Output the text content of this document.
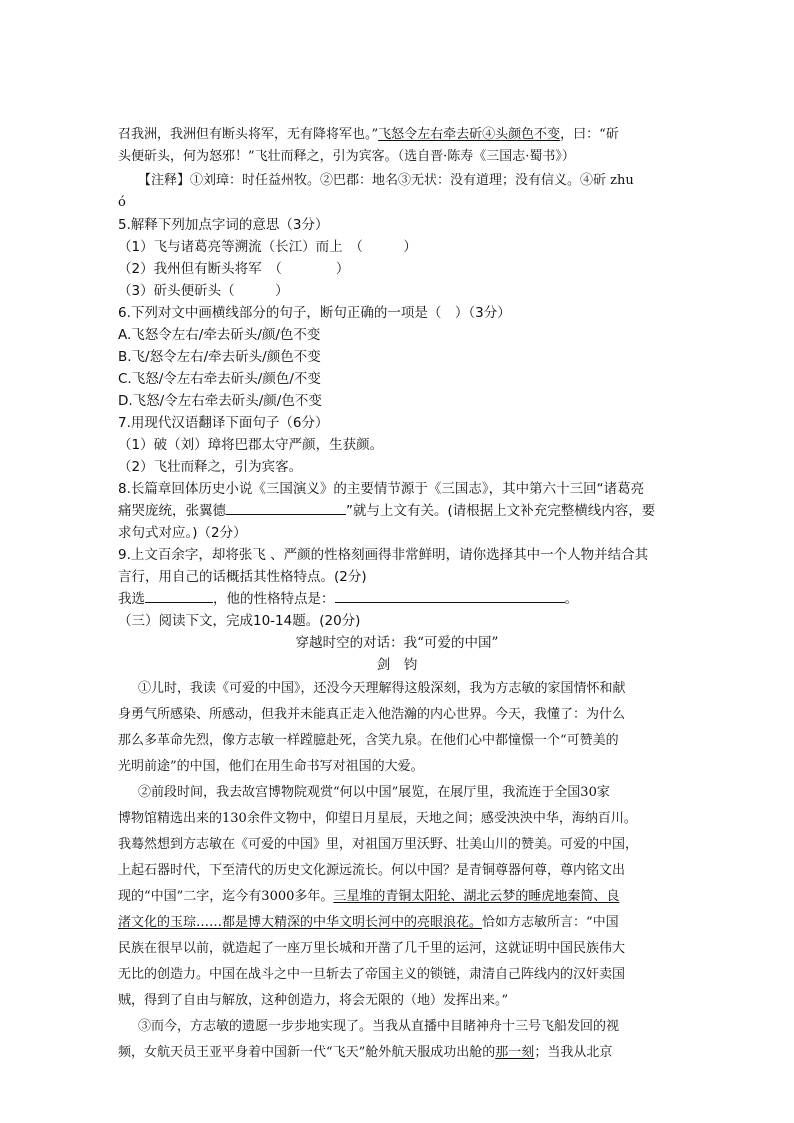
召我洲，我洲但有断头将军，无有降将军也。”飞怒令左右牵去斫④头颜色不变，曰：“斫
头便斫头，何为怒邪！”飞壮而释之，引为宾客。（选自晋·陈寿《三国志·蜀书》）
【注释】①刘璋：时任益州牧。②巴郡：地名③无状：没有道理；没有信义。④斫 zhu
ó
5.解释下列加点字词的意思（3分）
（1）飞与诸葛亮等溯流（长江）而上　（　　　）
（2）我州但有断头将军　（　　　　）
（3）斫头便斫头（　　　）
6.下列对文中画横线部分的句子，断句正确的一项是（　）（3分）
A.飞怒令左右/牵去斫头/颜/色不变
B.飞/怒令左右/牵去斫头/颜色不变
C.飞怒/令左右牵去斫头/颜色/不变
D.飞怒/令左右牵去斫头/颜/色不变
7.用现代汉语翻译下面句子（6分）
（1）破（刘）璋将巴郡太守严颜，生获颜。
（2）飞壮而释之，引为宾客。
8.长篇章回体历史小说《三国演义》的主要情节源于《三国志》，其中第六十三回“诸葛亮
痛哭庞统，张翼德	”就与上文有关。(请根据上文补充完整横线内容，要
求句式对应。)（2分）
9.上文百余字，却将张飞 、严颜的性格刻画得非常鲜明，请你选择其中一个人物并结合其
言行，用自己的话概括其性格特点。(2分)
我选	，他的性格特点是：	。
（三）阅读下文，完成10-14题。(20分)
穿越时空的对话：我“可爱的中国”
剑　钧
①儿时，我读《可爱的中国》，还没今天理解得这般深刻，我为方志敏的家国情怀和献
身勇气所感染、所感动，但我并未能真正走入他浩瀚的内心世界。今天，我懂了：为什么
那么多革命先烈，像方志敏一样蹚臆赴死，含笑九泉。在他们心中都憧憬一个“可赞美的
光明前途”的中国，他们在用生命书写对祖国的大爱。
②前段时间，我去故宫博物院观赏“何以中国”展览，在展厅里，我流连于全国30家
博物馆精选出来的130余件文物中，仰望日月星辰，天地之间；感受泱泱中华，海纳百川。
我蓦然想到方志敏在《可爱的中国》里，对祖国万里沃野、壮美山川的赞美。可爱的中国，
上起石器时代，下至清代的历史文化源远流长。何以中国？是青铜尊器何尊，尊内铭文出
现的“中国”二字，迄今有3000多年。三星堆的青铜太阳轮、湖北云梦的睡虎地秦简、良
渚文化的玉琮……都是博大精深的中华文明长河中的亮眼浪花。恰如方志敏所言：“中国
民族在很早以前，就造起了一座万里长城和开凿了几千里的运河，这就证明中国民族伟大
无比的创造力。中国在战斗之中一旦斩去了帝国主义的锁链，肃清自己阵线内的汉奸卖国
贼，得到了自由与解放，这种创造力，将会无限的（地）发挥出来。”
③而今，方志敏的遗愿一步步地实现了。当我从直播中目睹神舟十三号飞船发回的视
频，女航天员王亚平身着中国新一代“飞天”舱外航天服成功出舱的那一刻；当我从北京
